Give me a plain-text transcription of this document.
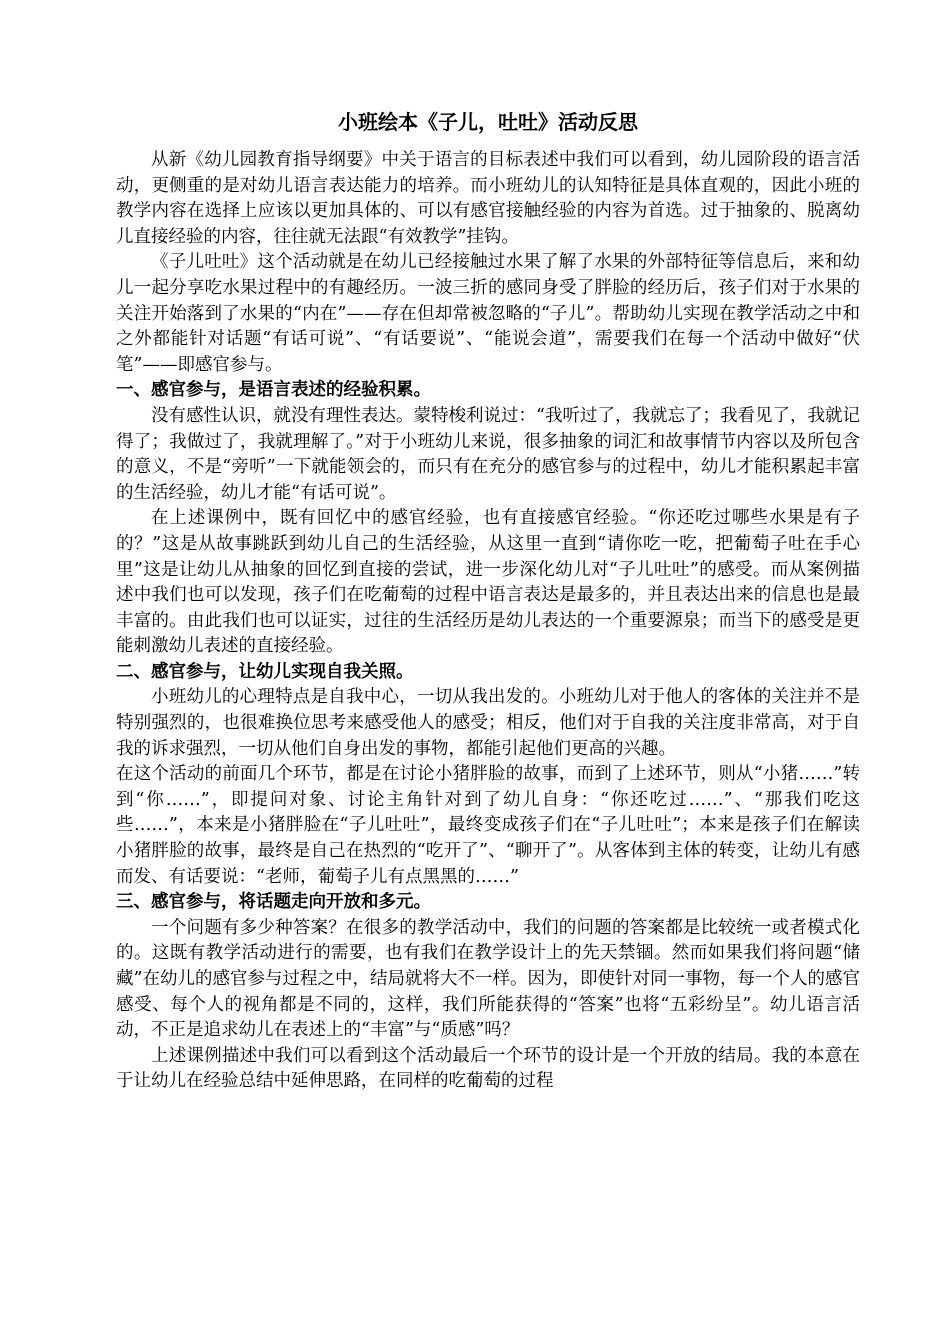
小班绘本《子儿，吐吐》活动反思

从新《幼儿园教育指导纲要》中关于语言的目标表述中我们可以看到，幼儿园阶段的语言活动，更侧重的是对幼儿语言表达能力的培养。而小班幼儿的认知特征是具体直观的，因此小班的教学内容在选择上应该以更加具体的、可以有感官接触经验的内容为首选。过于抽象的、脱离幼儿直接经验的内容，往往就无法跟“有效教学”挂钩。

《子儿吐吐》这个活动就是在幼儿已经接触过水果了解了水果的外部特征等信息后，来和幼儿一起分享吃水果过程中的有趣经历。一波三折的感同身受了胖脸的经历后，孩子们对于水果的关注开始落到了水果的“内在”——存在但却常被忽略的“子儿”。帮助幼儿实现在教学活动之中和之外都能针对话题“有话可说”、“有话要说”、“能说会道”，需要我们在每一个活动中做好“伏笔”——即感官参与。

一、感官参与，是语言表述的经验积累。

没有感性认识，就没有理性表达。蒙特梭利说过：“我听过了，我就忘了；我看见了，我就记得了；我做过了，我就理解了。”对于小班幼儿来说，很多抽象的词汇和故事情节内容以及所包含的意义，不是“旁听”一下就能领会的，而只有在充分的感官参与的过程中，幼儿才能积累起丰富的生活经验，幼儿才能“有话可说”。

在上述课例中，既有回忆中的感官经验，也有直接感官经验。“你还吃过哪些水果是有子的？”这是从故事跳跃到幼儿自己的生活经验，从这里一直到“请你吃一吃，把葡萄子吐在手心里”这是让幼儿从抽象的回忆到直接的尝试，进一步深化幼儿对“子儿吐吐”的感受。而从案例描述中我们也可以发现，孩子们在吃葡萄的过程中语言表达是最多的，并且表达出来的信息也是最丰富的。由此我们也可以证实，过往的生活经历是幼儿表达的一个重要源泉；而当下的感受是更能刺激幼儿表述的直接经验。

二、感官参与，让幼儿实现自我关照。

小班幼儿的心理特点是自我中心，一切从我出发的。小班幼儿对于他人的客体的关注并不是特别强烈的，也很难换位思考来感受他人的感受；相反，他们对于自我的关注度非常高，对于自我的诉求强烈，一切从他们自身出发的事物，都能引起他们更高的兴趣。

在这个活动的前面几个环节，都是在讨论小猪胖脸的故事，而到了上述环节，则从“小猪……”转到“你……”，即提问对象、讨论主角针对到了幼儿自身：“你还吃过……”、“那我们吃这些……”，本来是小猪胖脸在“子儿吐吐”，最终变成孩子们在“子儿吐吐”；本来是孩子们在解读小猪胖脸的故事，最终是自己在热烈的“吃开了”、“聊开了”。从客体到主体的转变，让幼儿有感而发、有话要说：“老师，葡萄子儿有点黑黑的……”

三、感官参与，将话题走向开放和多元。

一个问题有多少种答案？在很多的教学活动中，我们的问题的答案都是比较统一或者模式化的。这既有教学活动进行的需要，也有我们在教学设计上的先天禁锢。然而如果我们将问题“储藏”在幼儿的感官参与过程之中，结局就将大不一样。因为，即使针对同一事物，每一个人的感官感受、每个人的视角都是不同的，这样，我们所能获得的“答案”也将“五彩纷呈”。幼儿语言活动，不正是追求幼儿在表述上的“丰富”与“质感”吗？

上述课例描述中我们可以看到这个活动最后一个环节的设计是一个开放的结局。我的本意在于让幼儿在经验总结中延伸思路，在同样的吃葡萄的过程
